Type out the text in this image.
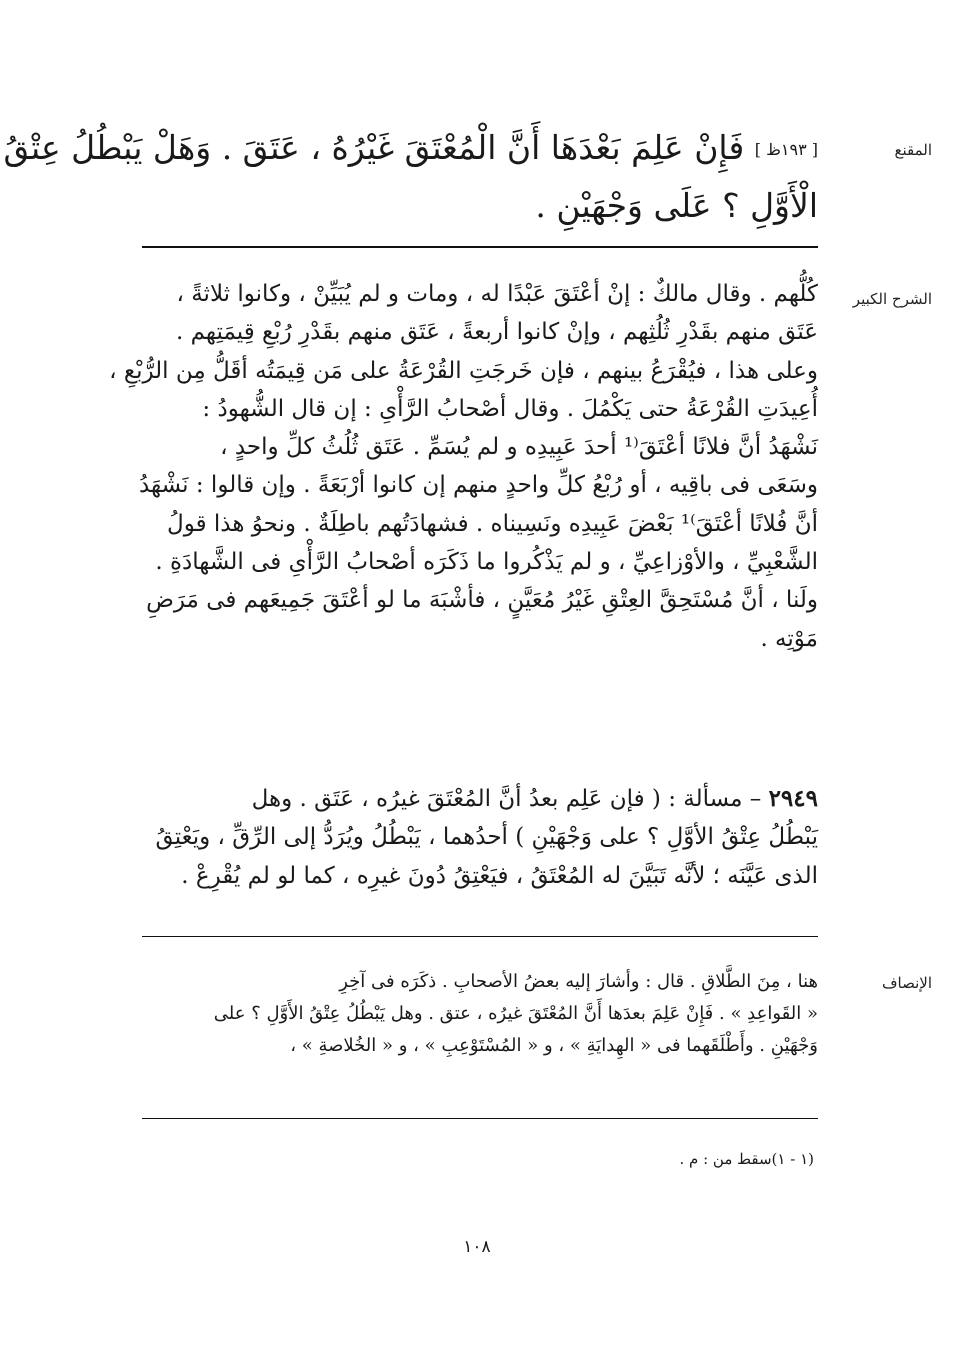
المقنع
[ ١٩٣ظ ] فَإِنْ عَلِمَ بَعْدَهَا أَنَّ الْمُعْتَقَ غَيْرُهُ ، عَتَقَ . وَهَلْ يَبْطُلُ عِتْقُ
الْأَوَّلِ ؟ عَلَى وَجْهَيْنِ .
الشرح الكبير
كُلُّهم . وقال مالكٌ : إنْ أعْتَقَ عَبْدًا له ، ومات و لم يُبَيِّنْ ، وكانوا ثلاثةً ،
عَتَق منهم بقَدْرِ ثُلُثِهم ، وإنْ كانوا أربعةً ، عَتَق منهم بقَدْرِ رُبْعِ قِيمَتِهم .
وعلى هذا ، فيُقْرَعُ بينهم ، فإن خَرجَتِ القُرْعَةُ على مَن قِيمَتُه أقَلُّ مِن الرُّبْعِ ،
أُعِيدَتِ القُرْعَةُ حتى يَكْمُلَ . وقال أصْحابُ الرَّأْىِ : إن قال الشُّهودُ :
نَشْهَدُ أنَّ فلانًا أعْتَقَ⁽¹ أحدَ عَبِيدِه و لم يُسَمِّ . عَتَق ثُلُثُ كلِّ واحدٍ ،
وسَعَى فى باقِيه ، أو رُبْعُ كلِّ واحدٍ منهم إن كانوا أرْبَعَةً . وإن قالوا : نَشْهَدُ
أنَّ فُلانًا أعْتَقَ⁾¹ بَعْضَ عَبِيدِه ونَسِيناه . فشهادَتُهم باطِلَةٌ . ونحوُ هذا قولُ
الشَّعْبِيِّ ، والأوْزاعِيِّ ، و لم يَذْكُروا ما ذَكَرَه أصْحابُ الرَّأْىِ فى الشَّهادَةِ .
ولَنا ، أنَّ مُسْتَحِقَّ العِتْقِ غَيْرُ مُعَيَّنٍ ، فأشْبَهَ ما لو أعْتَقَ جَمِيعَهم فى مَرَضِ
مَوْتِه .
٢٩٤٩ – مسألة : ( فإن عَلِم بعدُ أنَّ المُعْتَقَ غيرُه ، عَتَق . وهل
يَبْطُلُ عِتْقُ الأوَّلِ ؟ على وَجْهَيْنِ ) أحدُهما ، يَبْطُلُ ويُرَدُّ إلى الرِّقِّ ، ويَعْتِقُ
الذى عَيَّنَه ؛ لأنَّه تَبَيَّنَ له المُعْتَقُ ، فيَعْتِقُ دُونَ غيرِه ، كما لو لم يُقْرِعْ .
الإنصاف
هنا ، مِنَ الطَّلاقِ . قال : وأشارَ إليه بعضُ الأصحابِ . ذكَرَه فى آخِرِ
« القَواعِدِ » . فَإِنْ عَلِمَ بعدَها أَنَّ المُعْتَقَ غيرُه ، عتق . وهل يَبْطُلُ عِتْقُ الأَوَّلِ ؟ على
وَجْهَيْنِ . وأَطْلَقَهما فى « الهِدايَةِ » ، و « المُسْتَوْعِبِ » ، و « الخُلاصةِ » ،
(١ - ١)سقط من : م .
١٠٨
